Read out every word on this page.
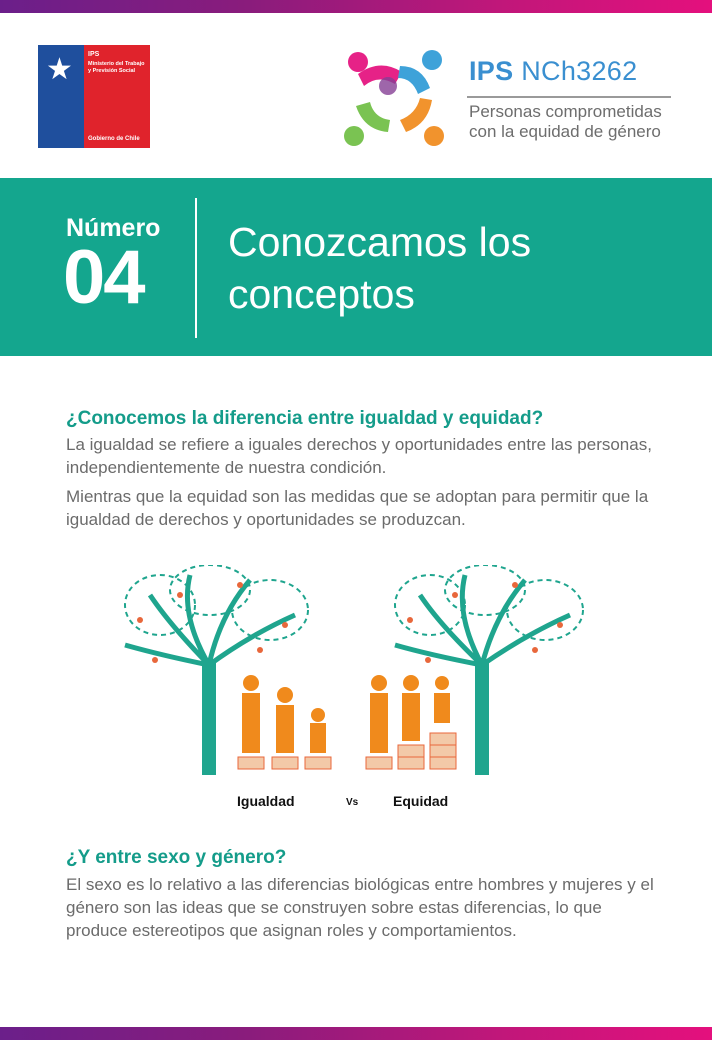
★ IPS
Ministerio del Trabajo y Previsión Social
Gobierno de Chile
IPS NCh3262
Personas comprometidas
con la equidad de género
Número
04 Conozcamos los conceptos
¿Conocemos la diferencia entre igualdad y equidad?

La igualdad se refiere a iguales derechos y oportunidades entre las personas, independientemente de nuestra condición.

Mientras que la equidad son las medidas que se adoptan para permitir que la igualdad de derechos y oportunidades se produzcan.

Igualdad	Vs Equidad
¿Y entre sexo y género?

El sexo es lo relativo a las diferencias biológicas entre hombres y mujeres y el género son las ideas que se construyen sobre estas diferencias, lo que produce estereotipos que asignan roles y comportamientos.
